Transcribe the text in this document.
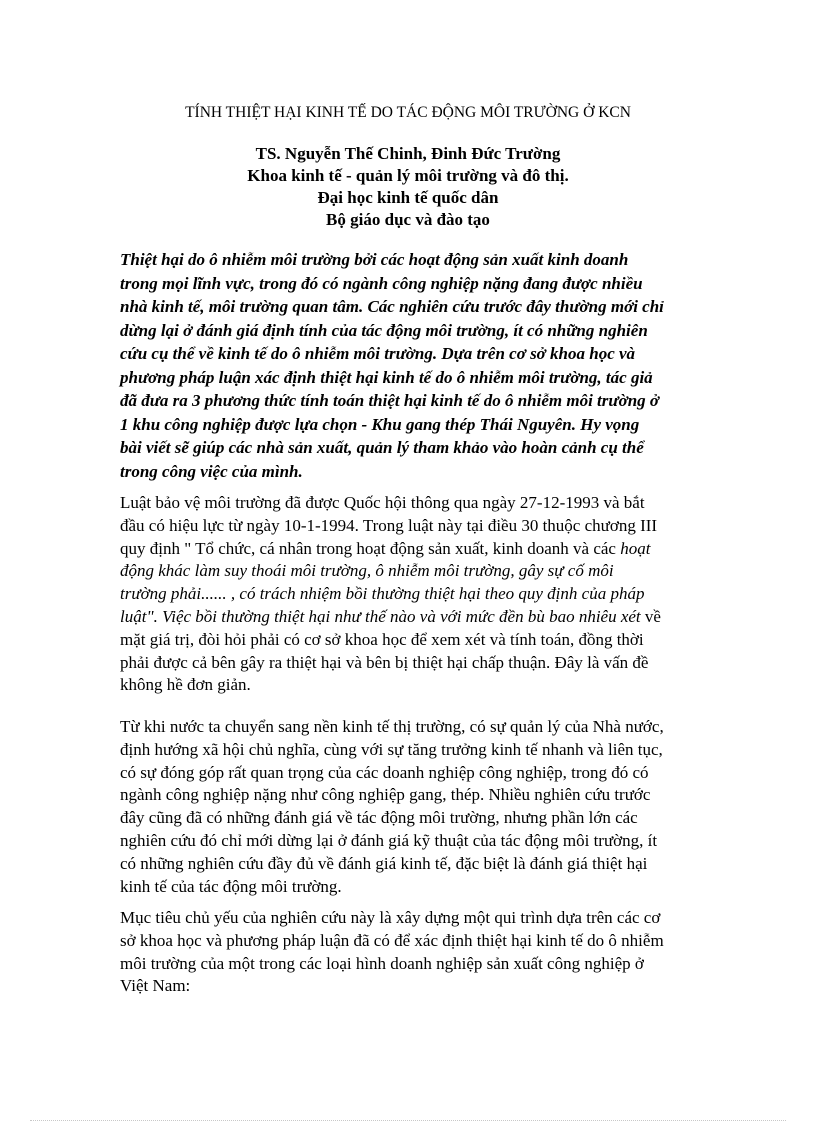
TÍNH THIỆT HẠI KINH TẾ DO TÁC ĐỘNG MÔI TRƯỜNG Ở KCN
TS. Nguyễn Thế Chinh, Đinh Đức Trường
Khoa kinh tế - quản lý môi trường và đô thị.
Đại học kinh tế quốc dân
Bộ giáo dục và đào tạo
Thiệt hại do ô nhiễm môi trường bởi các hoạt động sản xuất kinh doanh
trong mọi lĩnh vực, trong đó có ngành công nghiệp nặng đang được nhiều
nhà kinh tế, môi trường quan tâm. Các nghiên cứu trước đây thường mới chỉ
dừng lại ở đánh giá định tính của tác động môi trường, ít có những nghiên
cứu cụ thể về kinh tế do ô nhiễm môi trường. Dựa trên cơ sở khoa học và
phương pháp luận xác định thiệt hại kinh tế do ô nhiễm môi trường, tác giả
đã đưa ra 3 phương thức tính toán thiệt hại kinh tế do ô nhiễm môi trường ở
1 khu công nghiệp được lựa chọn - Khu gang thép Thái Nguyên. Hy vọng
bài viết sẽ giúp các nhà sản xuất, quản lý tham khảo vào hoàn cảnh cụ thể
trong công việc của mình.
Luật bảo vệ môi trường đã được Quốc hội thông qua ngày 27-12-1993 và bắt
đầu có hiệu lực từ ngày 10-1-1994. Trong luật này tại điều 30 thuộc chương III
quy định " Tổ chức, cá nhân trong hoạt động sản xuất, kinh doanh và các hoạt
động khác làm suy thoái môi trường, ô nhiễm môi trường, gây sự cố môi
trường phải...... , có trách nhiệm bồi thường thiệt hại theo quy định của pháp
luật". Việc bồi thường thiệt hại như thế nào và với mức đền bù bao nhiêu xét về
mặt giá trị, đòi hỏi phải có cơ sở khoa học để xem xét và tính toán, đồng thời
phải được cả bên gây ra thiệt hại và bên bị thiệt hại chấp thuận. Đây là vấn đề
không hề đơn giản.
Từ khi nước ta chuyển sang nền kinh tế thị trường, có sự quản lý của Nhà nước,
định hướng xã hội chủ nghĩa, cùng với sự tăng trưởng kinh tế nhanh và liên tục,
có sự đóng góp rất quan trọng của các doanh nghiệp công nghiệp, trong đó có
ngành công nghiệp nặng như công nghiệp gang, thép. Nhiều nghiên cứu trước
đây cũng đã có những đánh giá về tác động môi trường, nhưng phần lớn các
nghiên cứu đó chỉ mới dừng lại ở đánh giá kỹ thuật của tác động môi trường, ít
có những nghiên cứu đầy đủ về đánh giá kinh tế, đặc biệt là đánh giá thiệt hại
kinh tế của tác động môi trường.
Mục tiêu chủ yếu của nghiên cứu này là xây dựng một qui trình dựa trên các cơ
sở khoa học và phương pháp luận đã có để xác định thiệt hại kinh tế do ô nhiễm
môi trường của một trong các loại hình doanh nghiệp sản xuất công nghiệp ở
Việt Nam:
